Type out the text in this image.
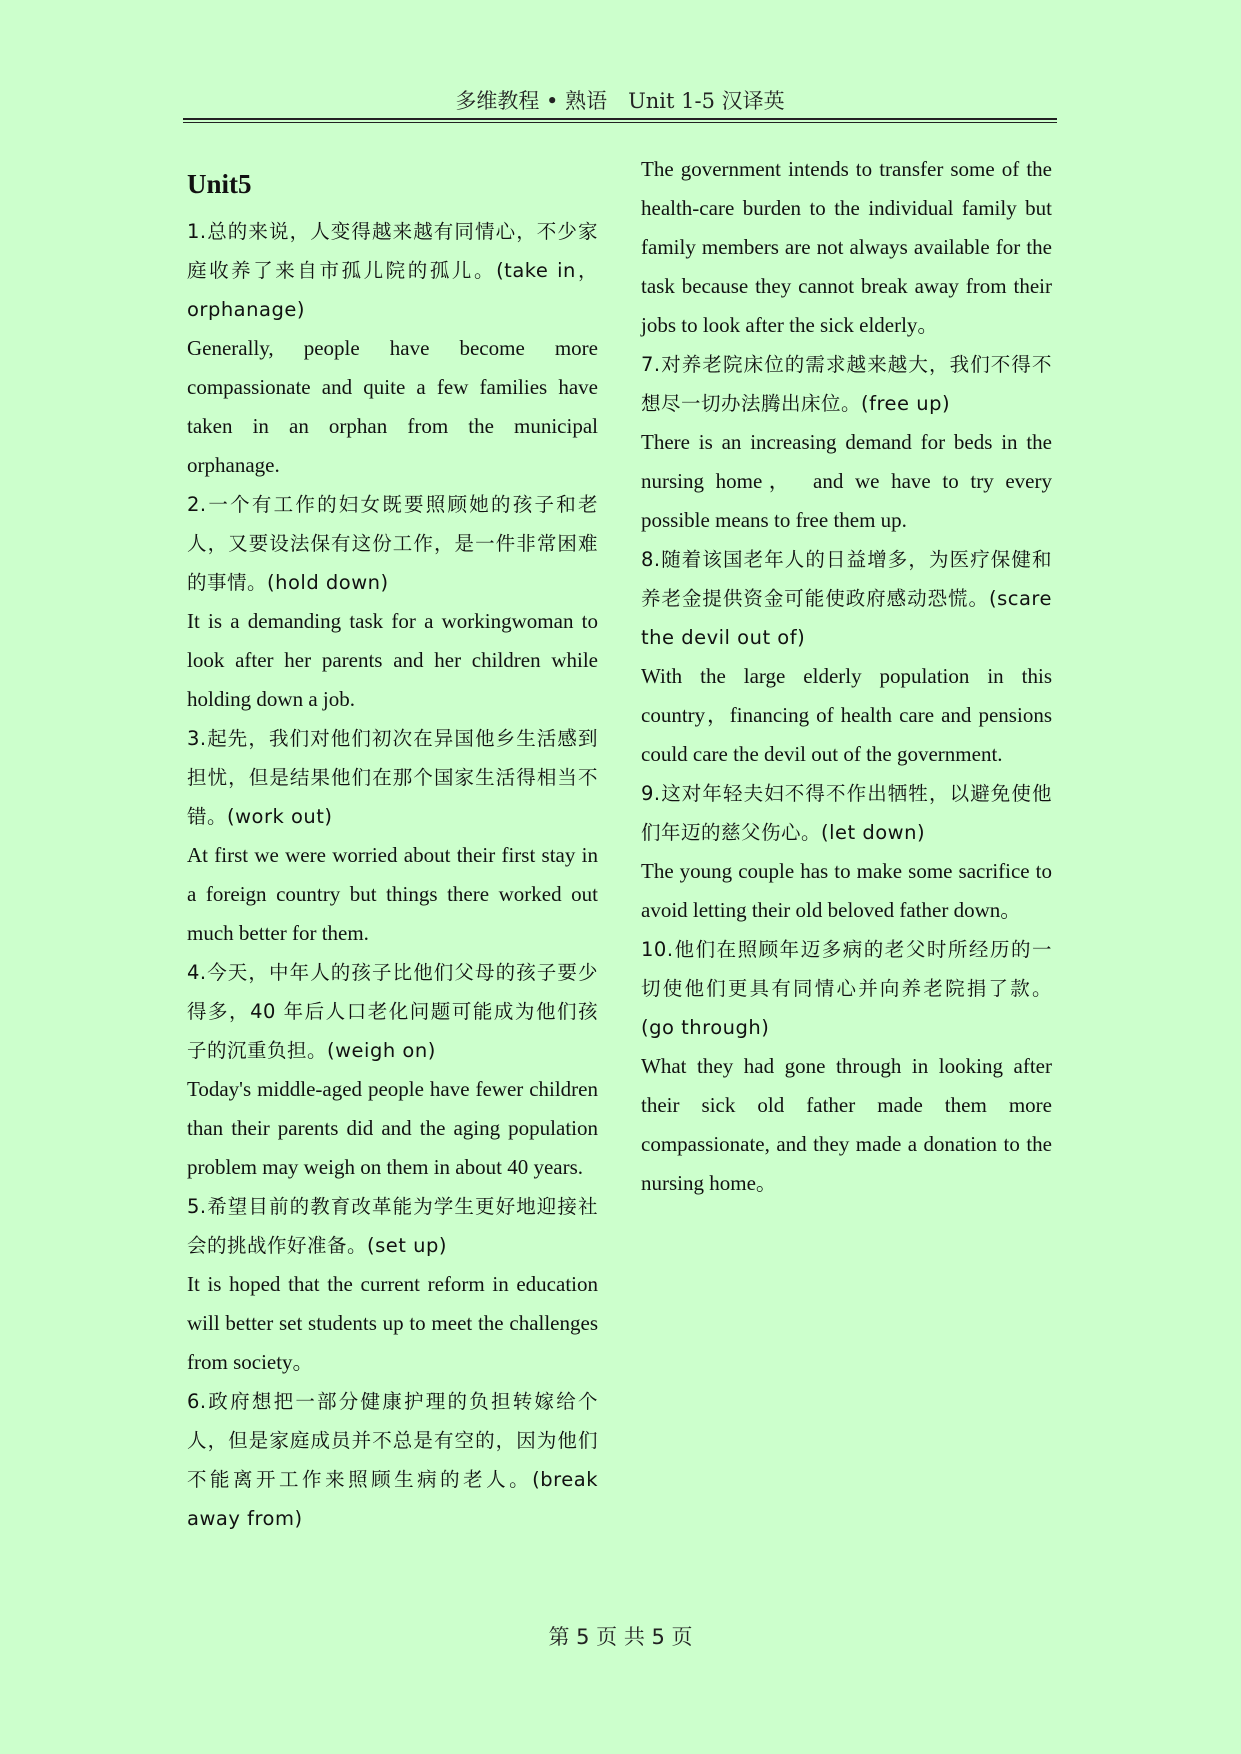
多维教程 • 熟语　Unit 1-5 汉译英
Unit5

1.总的来说，人变得越来越有同情心，不少家庭收养了来自市孤儿院的孤儿。(take in，orphanage)

Generally, people have become more compassionate and quite a few families have taken in an orphan from the municipal orphanage.

2.一个有工作的妇女既要照顾她的孩子和老人，又要设法保有这份工作，是一件非常困难的事情。(hold down)

It is a demanding task for a workingwoman to look after her parents and her children while holding down a job.

3.起先，我们对他们初次在异国他乡生活感到担忧，但是结果他们在那个国家生活得相当不错。(work out)

At first we were worried about their first stay in a foreign country but things there worked out much better for them.

4.今天，中年人的孩子比他们父母的孩子要少得多，40 年后人口老化问题可能成为他们孩子的沉重负担。(weigh on)

Today's middle-aged people have fewer children than their parents did and the aging population problem may weigh on them in about 40 years.

5.希望目前的教育改革能为学生更好地迎接社会的挑战作好准备。(set up)

It is hoped that the current reform in education will better set students up to meet the challenges from society。

6.政府想把一部分健康护理的负担转嫁给个人，但是家庭成员并不总是有空的，因为他们不能离开工作来照顾生病的老人。(break away from)

The government intends to transfer some of the health-care burden to the individual family but family members are not always available for the task because they cannot break away from their jobs to look after the sick elderly。

7.对养老院床位的需求越来越大，我们不得不想尽一切办法腾出床位。(free up)

There is an increasing demand for beds in the nursing home，　and we have to try every possible means to free them up.

8.随着该国老年人的日益增多，为医疗保健和养老金提供资金可能使政府感动恐慌。(scare the devil out of)

With the large elderly population in this country，financing of health care and pensions could care the devil out of the government.

9.这对年轻夫妇不得不作出牺牲，以避免使他们年迈的慈父伤心。(let down)

The young couple has to make some sacrifice to avoid letting their old beloved father down。

10.他们在照顾年迈多病的老父时所经历的一切使他们更具有同情心并向养老院捐了款。(go through)

What they had gone through in looking after their sick old father made them more compassionate, and they made a donation to the nursing home。

第 5 页 共 5 页
